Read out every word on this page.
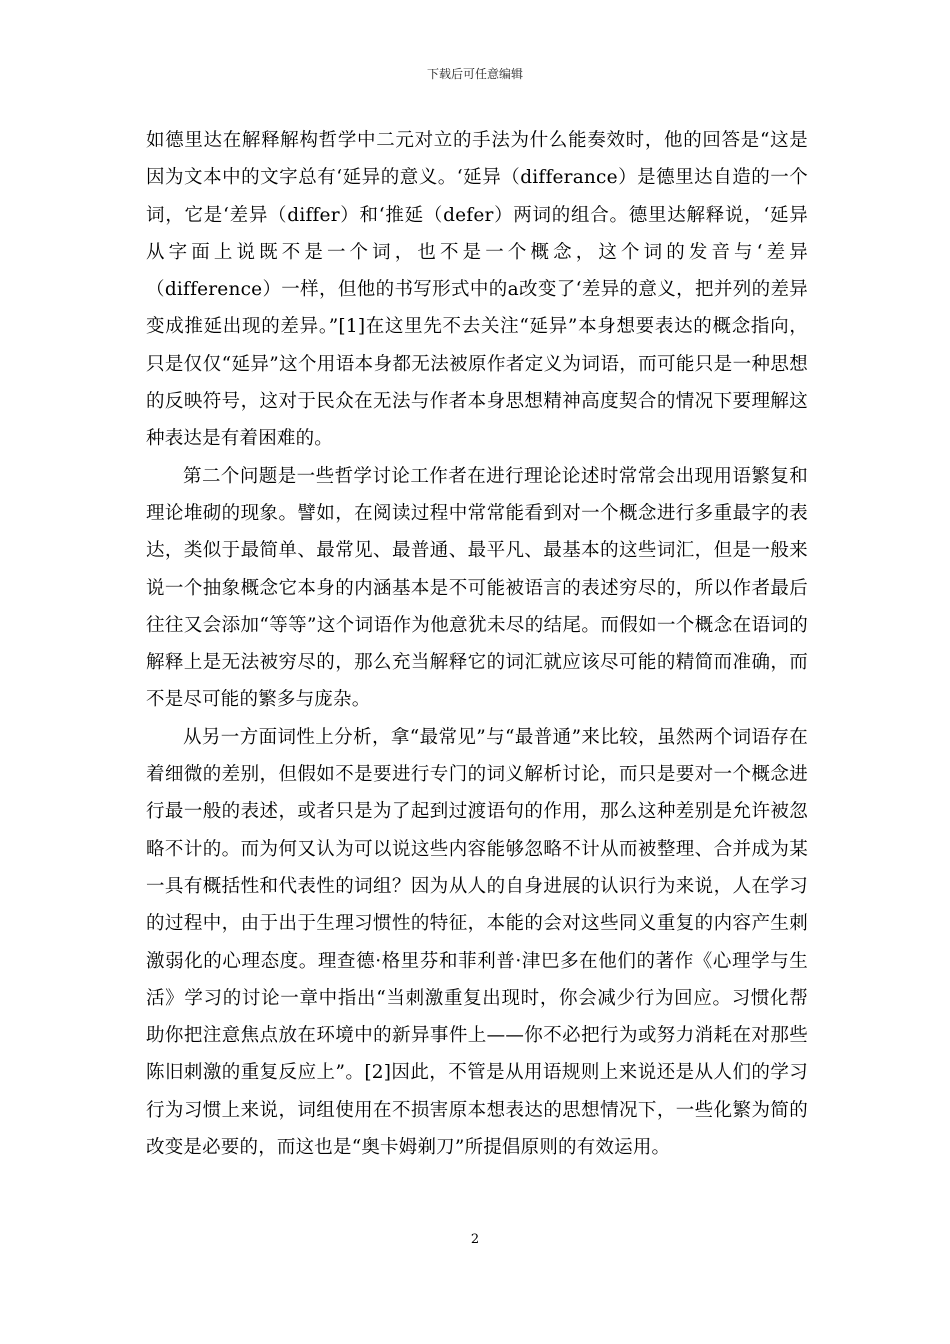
下载后可任意编辑

如德里达在解释解构哲学中二元对立的手法为什么能奏效时，他的回答是“这是因为文本中的文字总有‘延异的意义。‘延异（differance）是德里达自造的一个词，它是‘差异（differ）和‘推延（defer）两词的组合。德里达解释说，‘延异从字面上说既不是一个词，也不是一个概念，这个词的发音与‘差异（difference）一样，但他的书写形式中的a改变了‘差异的意义，把并列的差异变成推延出现的差异。”[1]在这里先不去关注“延异”本身想要表达的概念指向，只是仅仅“延异”这个用语本身都无法被原作者定义为词语，而可能只是一种思想的反映符号，这对于民众在无法与作者本身思想精神高度契合的情况下要理解这种表达是有着困难的。

第二个问题是一些哲学讨论工作者在进行理论论述时常常会出现用语繁复和理论堆砌的现象。譬如，在阅读过程中常常能看到对一个概念进行多重最字的表达，类似于最简单、最常见、最普通、最平凡、最基本的这些词汇，但是一般来说一个抽象概念它本身的内涵基本是不可能被语言的表述穷尽的，所以作者最后往往又会添加“等等”这个词语作为他意犹未尽的结尾。而假如一个概念在语词的解释上是无法被穷尽的，那么充当解释它的词汇就应该尽可能的精简而准确，而不是尽可能的繁多与庞杂。

从另一方面词性上分析，拿“最常见”与“最普通”来比较，虽然两个词语存在着细微的差别，但假如不是要进行专门的词义解析讨论，而只是要对一个概念进行最一般的表述，或者只是为了起到过渡语句的作用，那么这种差别是允许被忽略不计的。而为何又认为可以说这些内容能够忽略不计从而被整理、合并成为某一具有概括性和代表性的词组？因为从人的自身进展的认识行为来说，人在学习的过程中，由于出于生理习惯性的特征，本能的会对这些同义重复的内容产生刺激弱化的心理态度。理查德·格里芬和菲利普·津巴多在他们的著作《心理学与生活》学习的讨论一章中指出“当刺激重复出现时，你会减少行为回应。习惯化帮助你把注意焦点放在环境中的新异事件上——你不必把行为或努力消耗在对那些陈旧刺激的重复反应上”。[2]因此，不管是从用语规则上来说还是从人们的学习行为习惯上来说，词组使用在不损害原本想表达的思想情况下，一些化繁为简的改变是必要的，而这也是“奥卡姆剃刀”所提倡原则的有效运用。

2
